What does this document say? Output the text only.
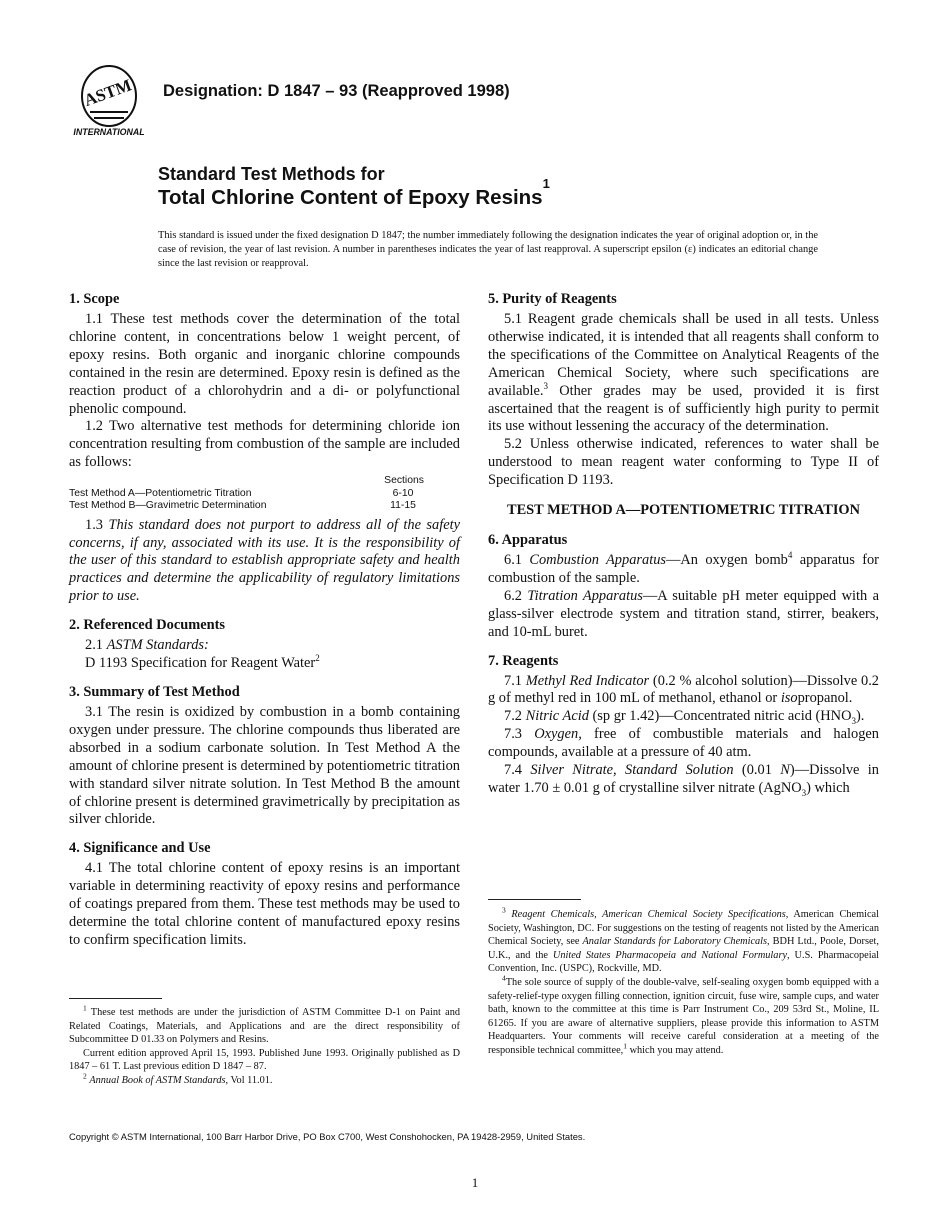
ASTM
INTERNATIONAL
Designation: D 1847 – 93 (Reapproved 1998)
Standard Test Methods for
Total Chlorine Content of Epoxy Resins$^1$
This standard is issued under the fixed designation D 1847; the number immediately following the designation indicates the year of original adoption or, in the case of revision, the year of last revision. A number in parentheses indicates the year of last reapproval. A superscript epsilon (ε) indicates an editorial change since the last revision or reapproval.
1. Scope

1.1 These test methods cover the determination of the total chlorine content, in concentrations below 1 weight percent, of epoxy resins. Both organic and inorganic chlorine compounds contained in the resin are determined. Epoxy resin is defined as the reaction product of a chlorohydrin and a di- or polyfunctional phenolic compound.

1.2 Two alternative test methods for determining chloride ion concentration resulting from combustion of the sample are included as follows:

Sections
Test Method A—Potentiometric Titration	6-10
Test Method B—Gravimetric Determination	11-15

1.3 This standard does not purport to address all of the safety concerns, if any, associated with its use. It is the responsibility of the user of this standard to establish appropriate safety and health practices and determine the applicability of regulatory limitations prior to use.

2. Referenced Documents

2.1 ASTM Standards:

D 1193 Specification for Reagent Water$^2$

3. Summary of Test Method

3.1 The resin is oxidized by combustion in a bomb containing oxygen under pressure. The chlorine compounds thus liberated are absorbed in a sodium carbonate solution. In Test Method A the amount of chlorine present is determined by potentiometric titration with standard silver nitrate solution. In Test Method B the amount of chlorine present is determined gravimetrically by precipitation as silver chloride.

4. Significance and Use

4.1 The total chlorine content of epoxy resins is an important variable in determining reactivity of epoxy resins and performance of coatings prepared from them. These test methods may be used to determine the total chlorine content of manufactured epoxy resins to confirm specification limits.

5. Purity of Reagents

5.1 Reagent grade chemicals shall be used in all tests. Unless otherwise indicated, it is intended that all reagents shall conform to the specifications of the Committee on Analytical Reagents of the American Chemical Society, where such specifications are available.$^3$ Other grades may be used, provided it is first ascertained that the reagent is of sufficiently high purity to permit its use without lessening the accuracy of the determination.

5.2 Unless otherwise indicated, references to water shall be understood to mean reagent water conforming to Type II of Specification D 1193.

TEST METHOD A—POTENTIOMETRIC TITRATION
6. Apparatus

6.1 Combustion Apparatus—An oxygen bomb$^4$ apparatus for combustion of the sample.

6.2 Titration Apparatus—A suitable pH meter equipped with a glass-silver electrode system and titration stand, stirrer, beakers, and 10-mL buret.

7. Reagents

7.1 Methyl Red Indicator (0.2 % alcohol solution)—Dissolve 0.2 g of methyl red in 100 mL of methanol, ethanol or isopropanol.

7.2 Nitric Acid (sp gr 1.42)—Concentrated nitric acid $(HNO_3)$.

7.3 Oxygen, free of combustible materials and halogen compounds, available at a pressure of 40 atm.

7.4 Silver Nitrate, Standard Solution (0.01 N)—Dissolve in water 1.70 ± 0.01 g of crystalline silver nitrate (AgNO$_3$) which

$^1$ These test methods are under the jurisdiction of ASTM Committee D-1 on Paint and Related Coatings, Materials, and Applications and are the direct responsibility of Subcommittee D 01.33 on Polymers and Resins.

Current edition approved April 15, 1993. Published June 1993. Originally published as D 1847 – 61 T. Last previous edition D 1847 – 87.

$^2$ Annual Book of ASTM Standards, Vol 11.01.

$^3$ Reagent Chemicals, American Chemical Society Specifications, American Chemical Society, Washington, DC. For suggestions on the testing of reagents not listed by the American Chemical Society, see Analar Standards for Laboratory Chemicals, BDH Ltd., Poole, Dorset, U.K., and the United States Pharmacopeia and National Formulary, U.S. Pharmacopeial Convention, Inc. (USPC), Rockville, MD.

$^4$The sole source of supply of the double-valve, self-sealing oxygen bomb equipped with a safety-relief-type oxygen filling connection, ignition circuit, fuse wire, sample cups, and water bath, known to the committee at this time is Parr Instrument Co., 209 53rd St., Moline, IL 61265. If you are aware of alternative suppliers, please provide this information to ASTM Headquarters. Your comments will receive careful consideration at a meeting of the responsible technical committee,$^1$ which you may attend.

Copyright © ASTM International, 100 Barr Harbor Drive, PO Box C700, West Conshohocken, PA 19428-2959, United States.
1
